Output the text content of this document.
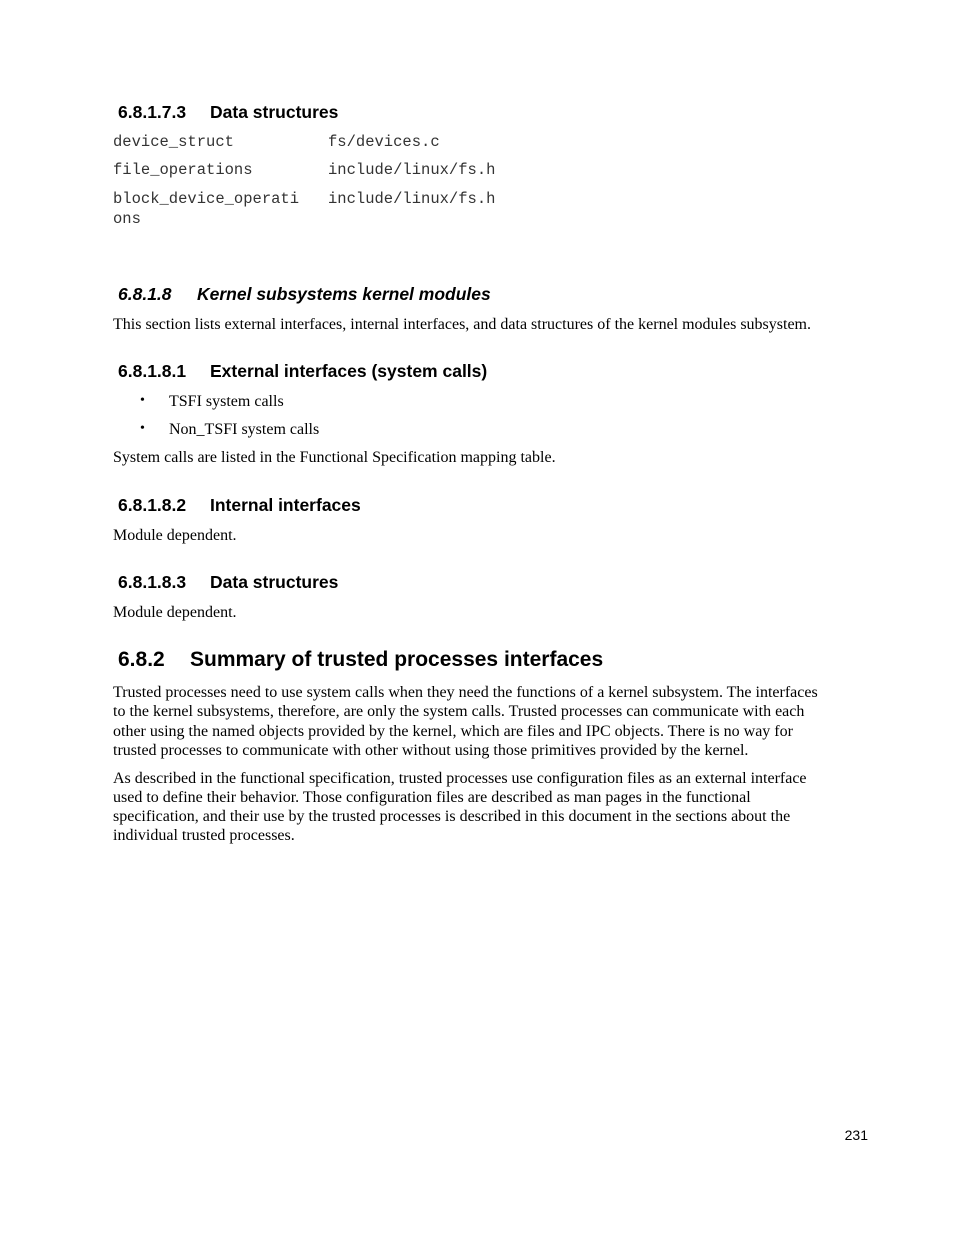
6.8.1.7.3 Data structures
device_struct	fs/devices.c
file_operations	include/linux/fs.h
block_device_operati
ons
include/linux/fs.h
6.8.1.8 Kernel subsystems kernel modules
This section lists external interfaces, internal interfaces, and data structures of the kernel modules subsystem.
6.8.1.8.1 External interfaces (system calls)
• TSFI system calls
• Non_TSFI system calls
System calls are listed in the Functional Specification mapping table.
6.8.1.8.2 Internal interfaces
Module dependent.
6.8.1.8.3 Data structures
Module dependent.
6.8.2 Summary of trusted processes interfaces
Trusted processes need to use system calls when they need the functions of a kernel subsystem. The interfaces
to the kernel subsystems, therefore, are only the system calls. Trusted processes can communicate with each
other using the named objects provided by the kernel, which are files and IPC objects. There is no way for
trusted processes to communicate with other without using those primitives provided by the kernel.
As described in the functional specification, trusted processes use configuration files as an external interface
used to define their behavior. Those configuration files are described as man pages in the functional
specification, and their use by the trusted processes is described in this document in the sections about the
individual trusted processes.
231
